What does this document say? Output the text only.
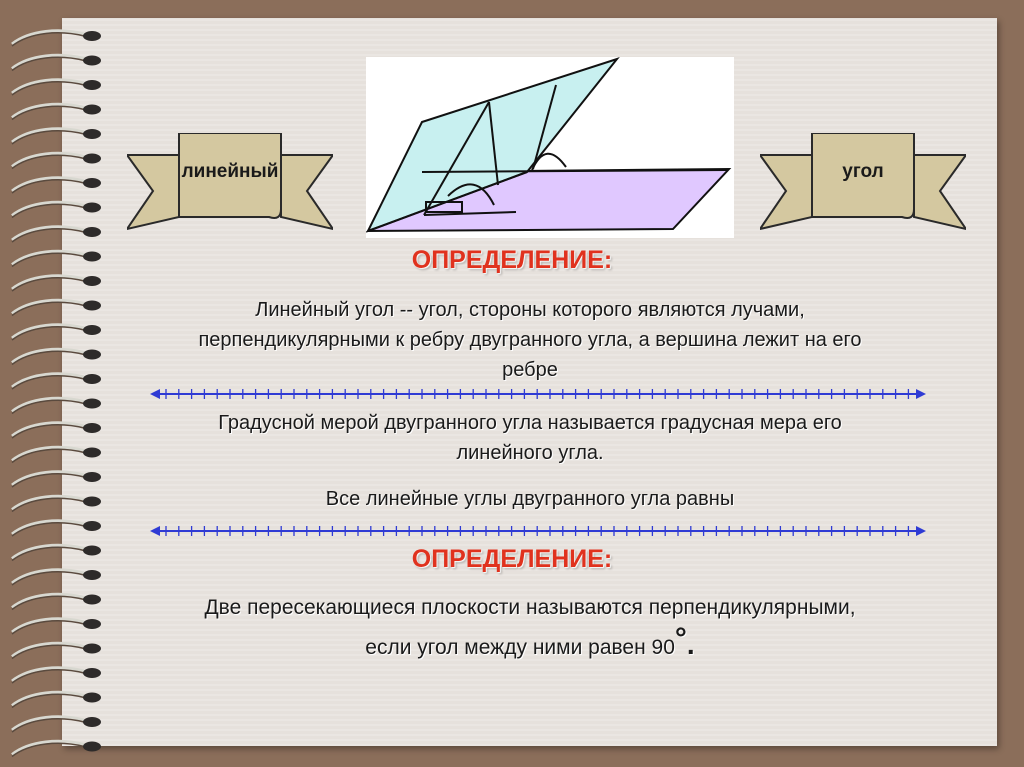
линейный	угол
ОПРЕДЕЛЕНИЕ:
Линейный угол -- угол, стороны которого являются лучами,
перпендикулярными к ребру двугранного угла, а вершина лежит на его
ребре
Градусной мерой двугранного угла называется градусная мера его
линейного угла.
Все линейные углы двугранного угла равны
ОПРЕДЕЛЕНИЕ:
Две пересекающиеся плоскости называются перпендикулярными,
если угол между ними равен 90°.
